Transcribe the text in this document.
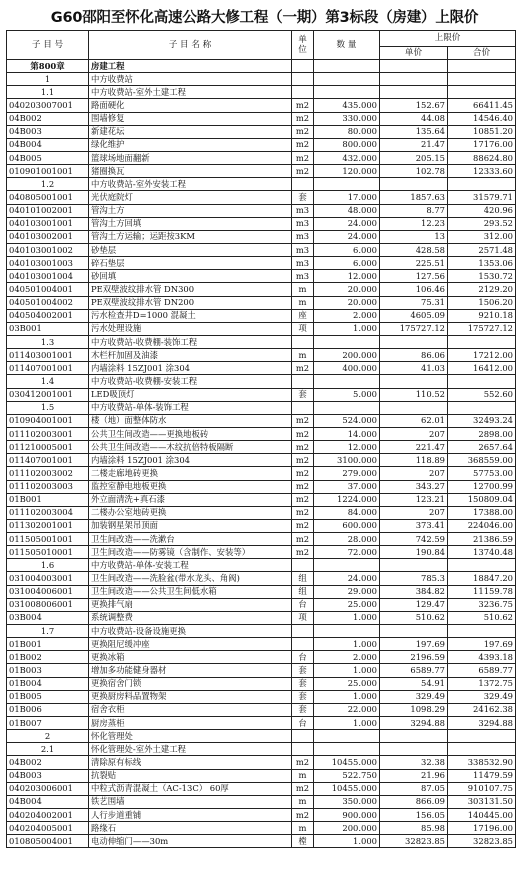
G60邵阳至怀化高速公路大修工程（一期）第3标段（房建）上限价
子 目 号	子 目 名 称	单
位	数 量	上限价	
				单价	合价
第800章	房建工程				
1	中方收费站				
1.1	中方收费站-室外土建工程				
040203007001	路面硬化	m2	435.000	152.67	66411.45
04B002	围墙修复	m2	330.000	44.08	14546.40
04B003	新建花坛	m2	80.000	135.64	10851.20
04B004	绿化维护	m2	800.000	21.47	17176.00
04B005	篮球场地面翻新	m2	432.000	205.15	88624.80
010901001001	猪圈换瓦	m2	120.000	102.78	12333.60
1.2	中方收费站-室外安装工程				
040805001001	光伏庭院灯	套	17.000	1857.63	31579.71
040101002001	管沟土方	m3	48.000	8.77	420.96
040103001001	管沟土方回填	m3	24.000	12.23	293.52
040103002001	管沟土方运输；运距按3KM	m3	24.000	13	312.00
040103001002	砂垫层	m3	6.000	428.58	2571.48
040103001003	碎石垫层	m3	6.000	225.51	1353.06
040103001004	砂回填	m3	12.000	127.56	1530.72
040501004001	PE双壁波纹排水管 DN300	m	20.000	106.46	2129.20
040501004002	PE双壁波纹排水管 DN200	m	20.000	75.31	1506.20
040504002001	污水检查井D=1000 混凝土	座	2.000	4605.09	9210.18
03B001	污水处理设施	项	1.000	175727.12	175727.12
1.3	中方收费站-收费棚-装饰工程				
011403001001	木栏杆加固及油漆	m	200.000	86.06	17212.00
011407001001	内墙涂料 15ZJ001 涂304	m2	400.000	41.03	16412.00
1.4	中方收费站-收费棚-安装工程				
030412001001	LED吸顶灯	套	5.000	110.52	552.60
1.5	中方收费站-单体-装饰工程				
010904001001	楼（地）面整体防水	m2	524.000	62.01	32493.24
011102003001	公共卫生间改造——更换地板砖	m2	14.000	207	2898.00
011210005001	公共卫生间改造——木纹抗倍特板隔断	m2	12.000	221.47	2657.64
011407001001	内墙涂料 15ZJ001 涂304	m2	3100.000	118.89	368559.00
011102003002	二楼走廊地砖更换	m2	279.000	207	57753.00
011102003003	监控室静电地板更换	m2	37.000	343.27	12700.99
01B001	外立面清洗+真石漆	m2	1224.000	123.21	150809.04
011102003004	二楼办公室地砖更换	m2	84.000	207	17388.00
011302001001	加装钢星架吊顶面	m2	600.000	373.41	224046.00
011505001001	卫生间改造——洗漱台	m2	28.000	742.59	21386.59
011505010001	卫生间改造——防雾镜（含制作、安装等）	m2	72.000	190.84	13740.48
1.6	中方收费站-单体-安装工程				
031004003001	卫生间改造——洗脸盆(带水龙头、角阀)	组	24.000	785.3	18847.20
031004006001	卫生间改造——公共卫生间低水箱	组	29.000	384.82	11159.78
031008006001	更换排气扇	台	25.000	129.47	3236.75
03B004	系统调整费	项	1.000	510.62	510.62
1.7	中方收费站-设备设施更换				
01B001	更换阻尼缓冲座		1.000	197.69	197.69
01B002	更换冰箱	台	2.000	2196.59	4393.18
01B003	增加多功能健身器材	套	1.000	6589.77	6589.77
01B004	更换宿舍门锁	套	25.000	54.91	1372.75
01B005	更换厨房料品置物架	套	1.000	329.49	329.49
01B006	宿舍衣柜	套	22.000	1098.29	24162.38
01B007	厨房蒸柜	台	1.000	3294.88	3294.88
2	怀化管理处				
2.1	怀化管理处-室外土建工程				
04B002	清除原有标线	m2	10455.000	32.38	338532.90
04B003	抗裂贴	m	522.750	21.96	11479.59
040203006001	中粒式沥青混凝土（AC-13C） 60厚	m2	10455.000	87.05	910107.75
04B004	铁艺围墙	m	350.000	866.09	303131.50
040204002001	人行步道重铺	m2	900.000	156.05	140445.00
040204005001	路缘石	m	200.000	85.98	17196.00
010805004001	电动伸缩门——30m	樘	1.000	32823.85	32823.85
